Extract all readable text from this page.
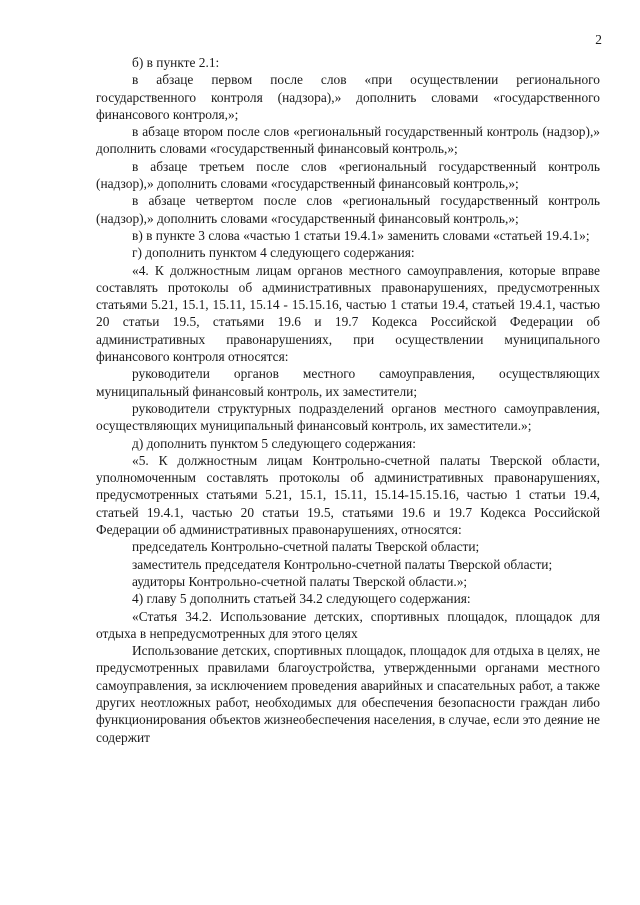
2

б) в пункте 2.1:

в абзаце первом после слов «при осуществлении регионального государственного контроля (надзора),» дополнить словами «государственного финансового контроля,»;

в абзаце втором после слов «региональный государственный контроль (надзор),» дополнить словами «государственный финансовый контроль,»;

в абзаце третьем после слов «региональный государственный контроль (надзор),» дополнить словами «государственный финансовый контроль,»;

в абзаце четвертом после слов «региональный государственный контроль (надзор),» дополнить словами «государственный финансовый контроль,»;

в) в пункте 3 слова «частью 1 статьи 19.4.1» заменить словами «статьей 19.4.1»;

г) дополнить пунктом 4 следующего содержания:

«4. К должностным лицам органов местного самоуправления, которые вправе составлять протоколы об административных правонарушениях, предусмотренных статьями 5.21, 15.1, 15.11, 15.14 - 15.15.16, частью 1 статьи 19.4, статьей 19.4.1, частью 20 статьи 19.5, статьями 19.6 и 19.7 Кодекса Российской Федерации об административных правонарушениях, при осуществлении муниципального финансового контроля относятся:

руководители органов местного самоуправления, осуществляющих муниципальный финансовый контроль, их заместители;

руководители структурных подразделений органов местного самоуправления, осуществляющих муниципальный финансовый контроль, их заместители.»;

д) дополнить пунктом 5 следующего содержания:

«5. К должностным лицам Контрольно-счетной палаты Тверской области, уполномоченным составлять протоколы об административных правонарушениях, предусмотренных статьями 5.21, 15.1, 15.11, 15.14-15.15.16, частью 1 статьи 19.4, статьей 19.4.1, частью 20 статьи 19.5, статьями 19.6 и 19.7 Кодекса Российской Федерации об административных правонарушениях, относятся:

председатель Контрольно-счетной палаты Тверской области;

заместитель председателя Контрольно-счетной палаты Тверской области;

аудиторы Контрольно-счетной палаты Тверской области.»;

4) главу 5 дополнить статьей 34.2 следующего содержания:

«Статья 34.2. Использование детских, спортивных площадок, площадок для отдыха в непредусмотренных для этого целях

Использование детских, спортивных площадок, площадок для отдыха в целях, не предусмотренных правилами благоустройства, утвержденными органами местного самоуправления, за исключением проведения аварийных и спасательных работ, а также других неотложных работ, необходимых для обеспечения безопасности граждан либо функционирования объектов жизнеобеспечения населения, в случае, если это деяние не содержит
